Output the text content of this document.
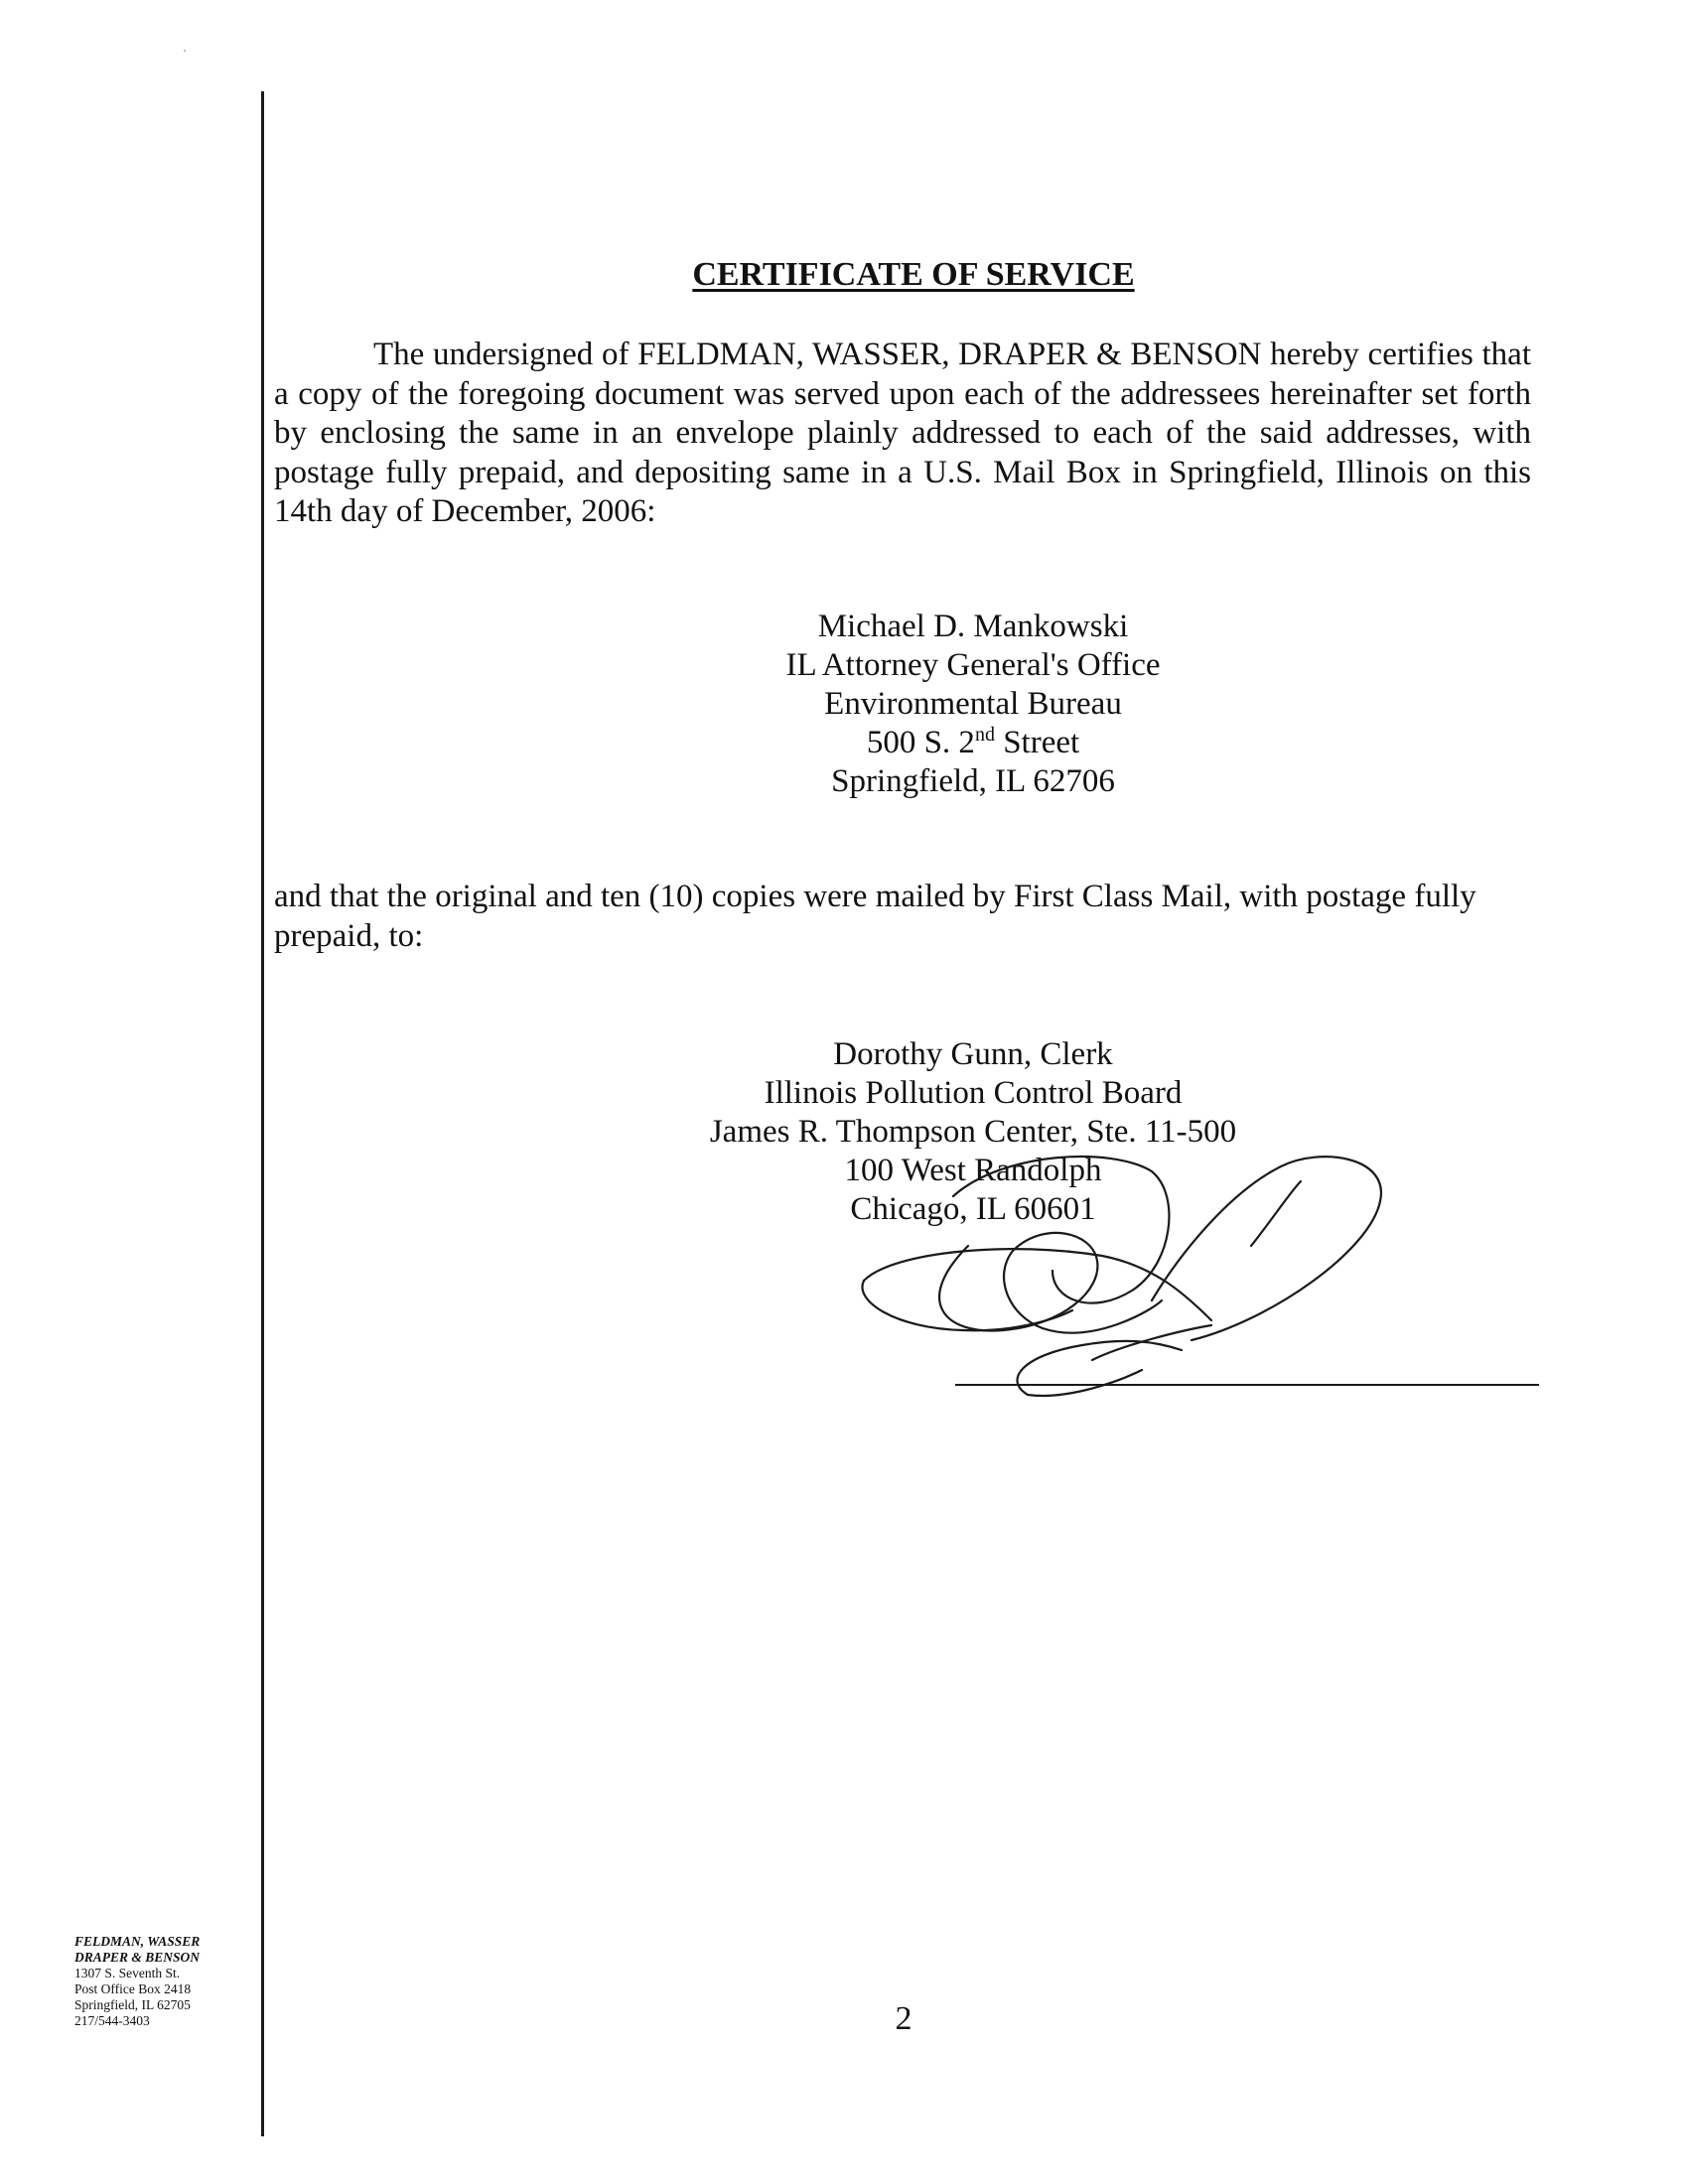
CERTIFICATE OF SERVICE

The undersigned of FELDMAN, WASSER, DRAPER & BENSON hereby certifies that a copy of the foregoing document was served upon each of the addressees hereinafter set forth by enclosing the same in an envelope plainly addressed to each of the said addresses, with postage fully prepaid, and depositing same in a U.S. Mail Box in Springfield, Illinois on this 14th day of December, 2006:

Michael D. Mankowski
IL Attorney General's Office
Environmental Bureau
500 S. 2nd Street
Springfield, IL 62706

and that the original and ten (10) copies were mailed by First Class Mail, with postage fully prepaid, to:

Dorothy Gunn, Clerk
Illinois Pollution Control Board
James R. Thompson Center, Ste. 11-500
100 West Randolph
Chicago, IL 60601
FELDMAN, WASSER
DRAPER & BENSON
1307 S. Seventh St.
Post Office Box 2418
Springfield, IL 62705
217/544-3403	2
